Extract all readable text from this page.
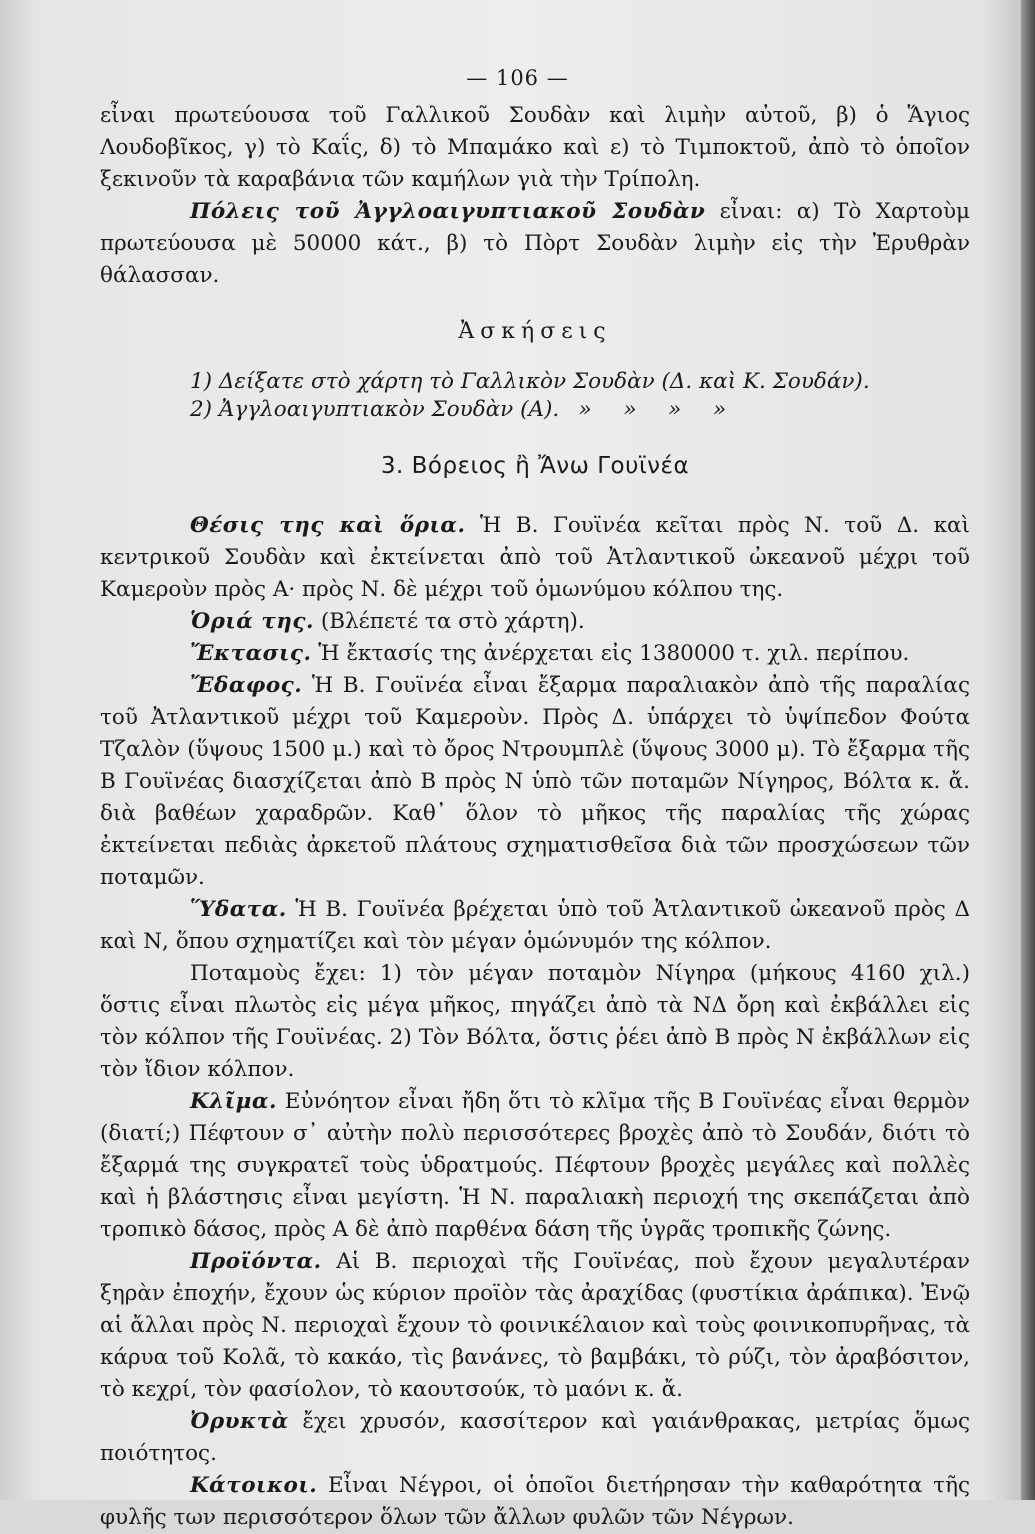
— 106 —

εἶναι πρωτεύουσα τοῦ Γαλλικοῦ Σουδὰν καὶ λιμὴν αὐτοῦ, β) ὁ Ἅγιος Λουδοβῖκος, γ) τὸ Καΐς, δ) τὸ Μπαμάκο καὶ ε) τὸ Τιμποκτοῦ, ἀπὸ τὸ ὁποῖον ξεκινοῦν τὰ καραβάνια τῶν καμήλων γιὰ τὴν Τρίπολη.

Πόλεις τοῦ Ἀγγλοαιγυπτιακοῦ Σουδὰν εἶναι: α) Τὸ Χαρτοὺμ πρωτεύουσα μὲ 50000 κάτ., β) τὸ Πὸρτ Σουδὰν λιμὴν εἰς τὴν Ἐρυθρὰν θάλασσαν.

Ἀσκήσεις
1) Δείξατε στὸ χάρτη τὸ Γαλλικὸν Σουδὰν (Δ. καὶ Κ. Σουδάν).
2) Ἀγγλοαιγυπτιακὸν Σουδὰν (Α). » » » »
3. Βόρειος ἢ Ἄνω Γουϊνέα

Θέσις της καὶ ὅρια. Ἡ Β. Γουϊνέα κεῖται πρὸς Ν. τοῦ Δ. καὶ κεντρικοῦ Σουδὰν καὶ ἐκτείνεται ἀπὸ τοῦ Ἀτλαντικοῦ ὠκεανοῦ μέχρι τοῦ Καμεροὺν πρὸς Α· πρὸς Ν. δὲ μέχρι τοῦ ὁμωνύμου κόλπου της.

Ὁριά της. (Βλέπετέ τα στὸ χάρτη).

Ἔκτασις. Ἡ ἔκτασίς της ἀνέρχεται εἰς 1380000 τ. χιλ. περίπου.

Ἔδαφος. Ἡ Β. Γουϊνέα εἶναι ἔξαρμα παραλιακὸν ἀπὸ τῆς παραλίας τοῦ Ἀτλαντικοῦ μέχρι τοῦ Καμεροὺν. Πρὸς Δ. ὑπάρχει τὸ ὑψίπεδον Φούτα Τζαλὸν (ὕψους 1500 μ.) καὶ τὸ ὄρος Ντρουμπλὲ (ὕψους 3000 μ). Τὸ ἔξαρμα τῆς Β Γουϊνέας διασχίζεται ἀπὸ Β πρὸς Ν ὑπὸ τῶν ποταμῶν Νίγηρος, Βόλτα κ. ἄ. διὰ βαθέων χαραδρῶν. Καθ᾿ ὅλον τὸ μῆκος τῆς παραλίας τῆς χώρας ἐκτείνεται πεδιὰς ἀρκετοῦ πλάτους σχηματισθεῖσα διὰ τῶν προσχώσεων τῶν ποταμῶν.

Ὕδατα. Ἡ Β. Γουϊνέα βρέχεται ὑπὸ τοῦ Ἀτλαντικοῦ ὠκεανοῦ πρὸς Δ καὶ Ν, ὅπου σχηματίζει καὶ τὸν μέγαν ὁμώνυμόν της κόλπον.

Ποταμοὺς ἔχει: 1) τὸν μέγαν ποταμὸν Νίγηρα (μήκους 4160 χιλ.) ὅστις εἶναι πλωτὸς εἰς μέγα μῆκος, πηγάζει ἀπὸ τὰ ΝΔ ὄρη καὶ ἐκβάλλει εἰς τὸν κόλπον τῆς Γουϊνέας. 2) Τὸν Βόλτα, ὅστις ῥέει ἀπὸ Β πρὸς Ν ἐκβάλλων εἰς τὸν ἴδιον κόλπον.

Κλῖμα. Εὐνόητον εἶναι ἤδη ὅτι τὸ κλῖμα τῆς Β Γουϊνέας εἶναι θερμὸν (διατί;) Πέφτουν σ᾿ αὐτὴν πολὺ περισσότερες βροχὲς ἀπὸ τὸ Σουδάν, διότι τὸ ἔξαρμά της συγκρατεῖ τοὺς ὑδρατμούς. Πέφτουν βροχὲς μεγάλες καὶ πολλὲς καὶ ἡ βλάστησις εἶναι μεγίστη. Ἡ Ν. παραλιακὴ περιοχή της σκεπάζεται ἀπὸ τροπικὸ δάσος, πρὸς Α δὲ ἀπὸ παρθένα δάση τῆς ὑγρᾶς τροπικῆς ζώνης.

Προϊόντα. Αἱ Β. περιοχαὶ τῆς Γουϊνέας, ποὺ ἔχουν μεγαλυτέραν ξηρὰν ἐποχήν, ἔχουν ὡς κύριον προϊὸν τὰς ἀραχίδας (φυστίκια ἀράπικα). Ἐνῷ αἱ ἄλλαι πρὸς Ν. περιοχαὶ ἔχουν τὸ φοινικέλαιον καὶ τοὺς φοινικοπυρῆνας, τὰ κάρυα τοῦ Κολᾶ, τὸ κακάο, τὶς βανάνες, τὸ βαμβάκι, τὸ ρύζι, τὸν ἀραβόσιτον, τὸ κεχρί, τὸν φασίολον, τὸ καουτσούκ, τὸ μαόνι κ. ἄ.

Ὀρυκτὰ ἔχει χρυσόν, κασσίτερον καὶ γαιάνθρακας, μετρίας ὅμως ποιότητος.

Κάτοικοι. Εἶναι Νέγροι, οἱ ὁποῖοι διετήρησαν τὴν καθαρότητα τῆς φυλῆς των περισσότερον ὅλων τῶν ἄλλων φυλῶν τῶν Νέγρων.
